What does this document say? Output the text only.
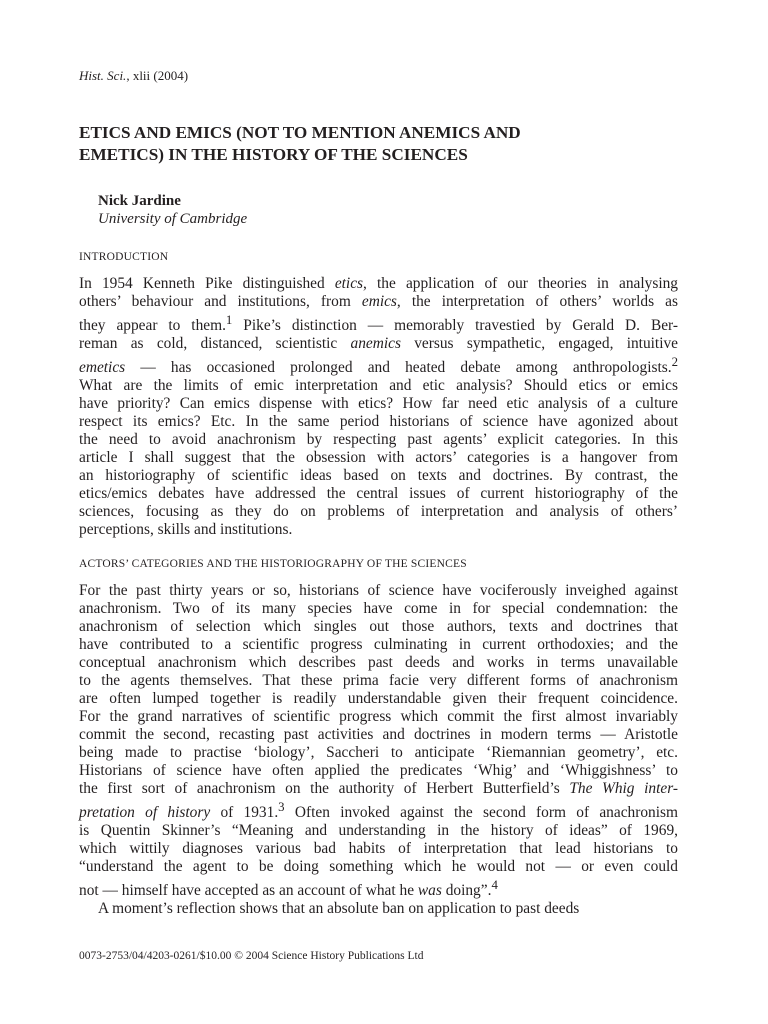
Hist. Sci., xlii (2004)
ETICS AND EMICS (NOT TO MENTION ANEMICS AND
EMETICS) IN THE HISTORY OF THE SCIENCES
Nick Jardine
University of Cambridge
INTRODUCTION
In 1954 Kenneth Pike distinguished etics, the application of our theories in analysing
others’ behaviour and institutions, from emics, the interpretation of others’ worlds as
they appear to them.$^1$ Pike’s distinction — memorably travestied by Gerald D. Ber-
reman as cold, distanced, scientistic anemics versus sympathetic, engaged, intuitive
emetics — has occasioned prolonged and heated debate among anthropologists.$^2$
What are the limits of emic interpretation and etic analysis? Should etics or emics
have priority? Can emics dispense with etics? How far need etic analysis of a culture
respect its emics? Etc. In the same period historians of science have agonized about
the need to avoid anachronism by respecting past agents’ explicit categories. In this
article I shall suggest that the obsession with actors’ categories is a hangover from
an historiography of scientific ideas based on texts and doctrines. By contrast, the
etics/emics debates have addressed the central issues of current historiography of the
sciences, focusing as they do on problems of interpretation and analysis of others’
perceptions, skills and institutions.
ACTORS’ CATEGORIES AND THE HISTORIOGRAPHY OF THE SCIENCES
For the past thirty years or so, historians of science have vociferously inveighed against
anachronism. Two of its many species have come in for special condemnation: the
anachronism of selection which singles out those authors, texts and doctrines that
have contributed to a scientific progress culminating in current orthodoxies; and the
conceptual anachronism which describes past deeds and works in terms unavailable
to the agents themselves. That these prima facie very different forms of anachronism
are often lumped together is readily understandable given their frequent coincidence.
For the grand narratives of scientific progress which commit the first almost invariably
commit the second, recasting past activities and doctrines in modern terms — Aristotle
being made to practise ‘biology’, Saccheri to anticipate ‘Riemannian geometry’, etc.
Historians of science have often applied the predicates ‘Whig’ and ‘Whiggishness’ to
the first sort of anachronism on the authority of Herbert Butterfield’s The Whig inter-
pretation of history of 1931.$^3$ Often invoked against the second form of anachronism
is Quentin Skinner’s “Meaning and understanding in the history of ideas” of 1969,
which wittily diagnoses various bad habits of interpretation that lead historians to
“understand the agent to be doing something which he would not — or even could
not — himself have accepted as an account of what he was doing”.$^4$
A moment’s reflection shows that an absolute ban on application to past deeds
0073-2753/04/4203-0261/$10.00 © 2004 Science History Publications Ltd
